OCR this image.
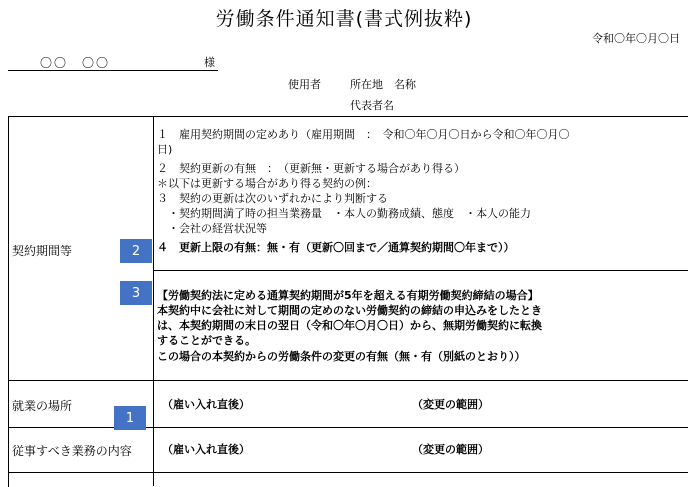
労働条件通知書(書式例抜粋)
令和〇年〇月〇日
〇〇　〇〇	様
使用者	所在地　名称
代表者名
契約期間等
１　雇用契約期間の定めあり（雇用期間　：　令和〇年〇月〇日から令和〇年〇月〇
日)
２　契約更新の有無　：　（更新無・更新する場合があり得る）
＊以下は更新する場合があり得る契約の例：
３　契約の更新は次のいずれかにより判断する
　・契約期間満了時の担当業務量　・本人の勤務成績、態度　・本人の能力
　・会社の経営状況等
４　更新上限の有無：無・有（更新〇回まで／通算契約期間〇年まで））
【労働契約法に定める通算契約期間が5年を超える有期労働契約締結の場合】
本契約中に会社に対して期間の定めのない労働契約の締結の申込みをしたとき
は、本契約期間の末日の翌日（令和〇年〇月〇日）から、無期労働契約に転換
することができる。
この場合の本契約からの労働条件の変更の有無（無・有（別紙のとおり））
就業の場所	（雇い入れ直後）	（変更の範囲）
従事すべき業務の内容	（雇い入れ直後）	（変更の範囲）
2
3
1
